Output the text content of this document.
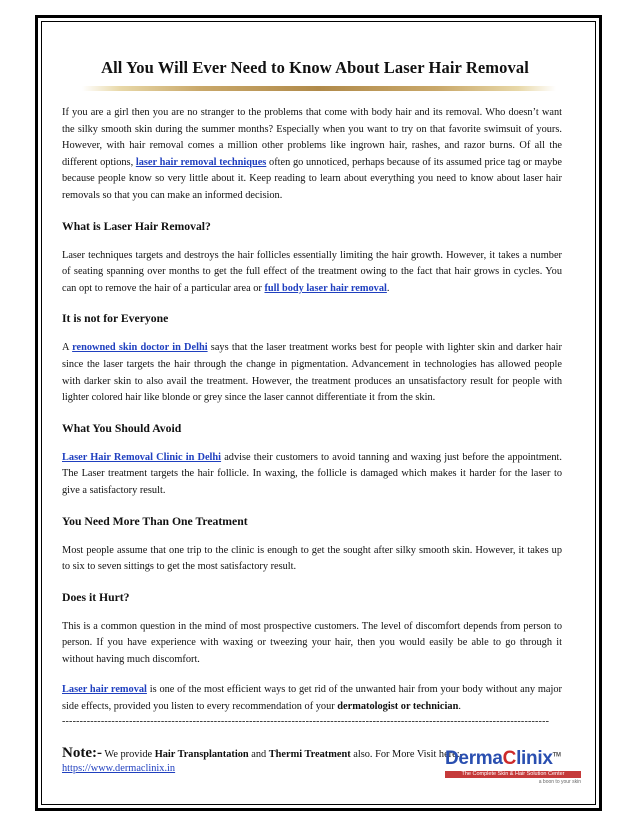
All You Will Ever Need to Know About Laser Hair Removal

If you are a girl then you are no stranger to the problems that come with body hair and its removal. Who doesn’t want the silky smooth skin during the summer months? Especially when you want to try on that favorite swimsuit of yours. However, with hair removal comes a million other problems like ingrown hair, rashes, and razor burns. Of all the different options, laser hair removal techniques often go unnoticed, perhaps because of its assumed price tag or maybe because people know so very little about it. Keep reading to learn about everything you need to know about laser hair removals so that you can make an informed decision.

What is Laser Hair Removal?

Laser techniques targets and destroys the hair follicles essentially limiting the hair growth. However, it takes a number of seating spanning over months to get the full effect of the treatment owing to the fact that hair grows in cycles. You can opt to remove the hair of a particular area or full body laser hair removal.

It is not for Everyone

A renowned skin doctor in Delhi says that the laser treatment works best for people with lighter skin and darker hair since the laser targets the hair through the change in pigmentation. Advancement in technologies has allowed people with darker skin to also avail the treatment. However, the treatment produces an unsatisfactory result for people with lighter colored hair like blonde or grey since the laser cannot differentiate it from the skin.

What You Should Avoid

Laser Hair Removal Clinic in Delhi advise their customers to avoid tanning and waxing just before the appointment. The Laser treatment targets the hair follicle. In waxing, the follicle is damaged which makes it harder for the laser to give a satisfactory result.

You Need More Than One Treatment

Most people assume that one trip to the clinic is enough to get the sought after silky smooth skin. However, it takes up to six to seven sittings to get the most satisfactory result.

Does it Hurt?

This is a common question in the mind of most prospective customers. The level of discomfort depends from person to person. If you have experience with waxing or tweezing your hair, then you would easily be able to go through it without having much discomfort.

Laser hair removal is one of the most efficient ways to get rid of the unwanted hair from your body without any major side effects, provided you listen to every recommendation of your dermatologist or technician.

------------------------------------------------------------------------------------------------------------------------------------------
Note:- We provide Hair Transplantation and Thermi Treatment also. For More Visit here:-
https://www.dermaclinix.in	DermaClinix™
The Complete Skin & Hair Solution Center
a boon to your skin
